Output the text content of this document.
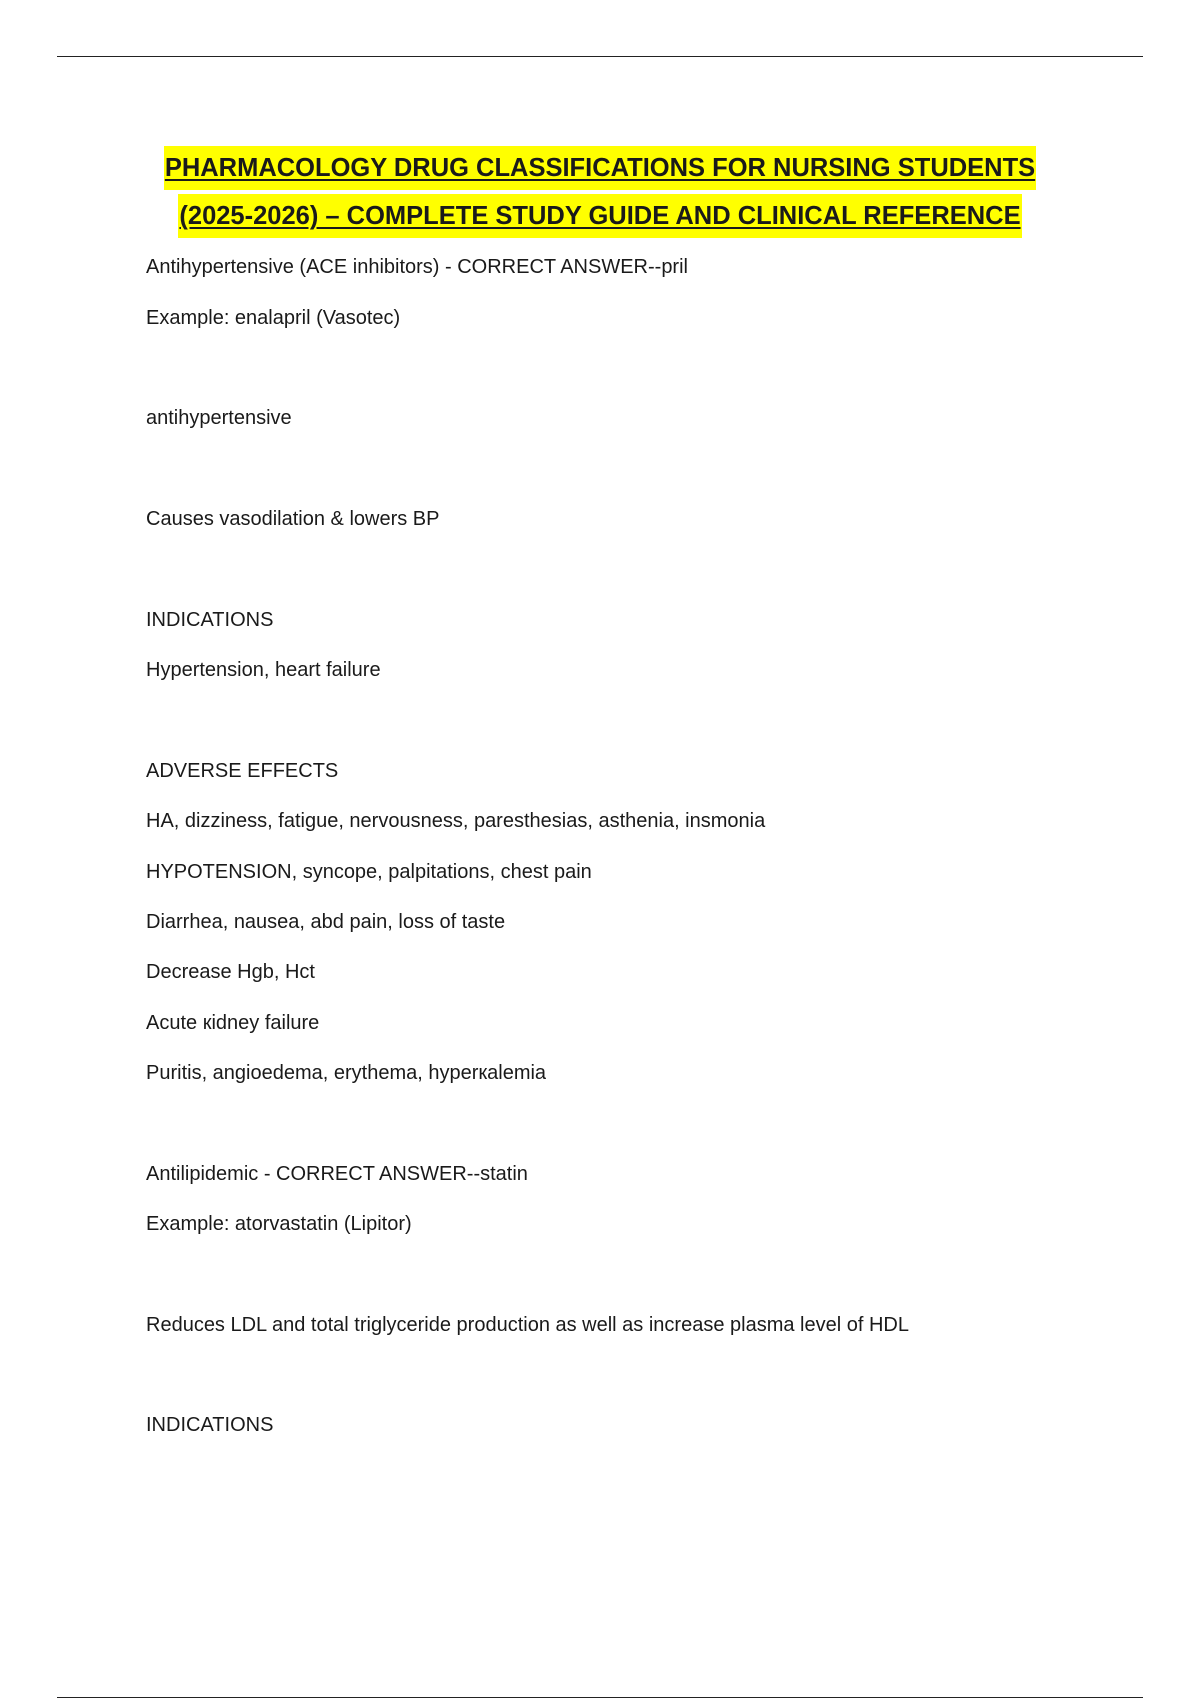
PHARMACOLOGY DRUG CLASSIFICATIONS FOR NURSING STUDENTS
(2025-2026) – COMPLETE STUDY GUIDE AND CLINICAL REFERENCE
Antihypertensive (ACE inhibitors) - CORRECT ANSWER--pril
Example: enalapril (Vasotec)
antihypertensive
Causes vasodilation & lowers BP
INDICATIONS
Hypertension, heart failure
ADVERSE EFFECTS
HA, dizziness, fatigue, nervousness, paresthesias, asthenia, insmonia
HYPOTENSION, syncope, palpitations, chest pain
Diarrhea, nausea, abd pain, loss of taste
Decrease Hgb, Hct
Acute кidney failure
Puritis, angioedema, erythema, hyperкalemia
Antilipidemic - CORRECT ANSWER--statin
Example: atorvastatin (Lipitor)
Reduces LDL and total triglyceride production as well as increase plasma level of HDL
INDICATIONS
